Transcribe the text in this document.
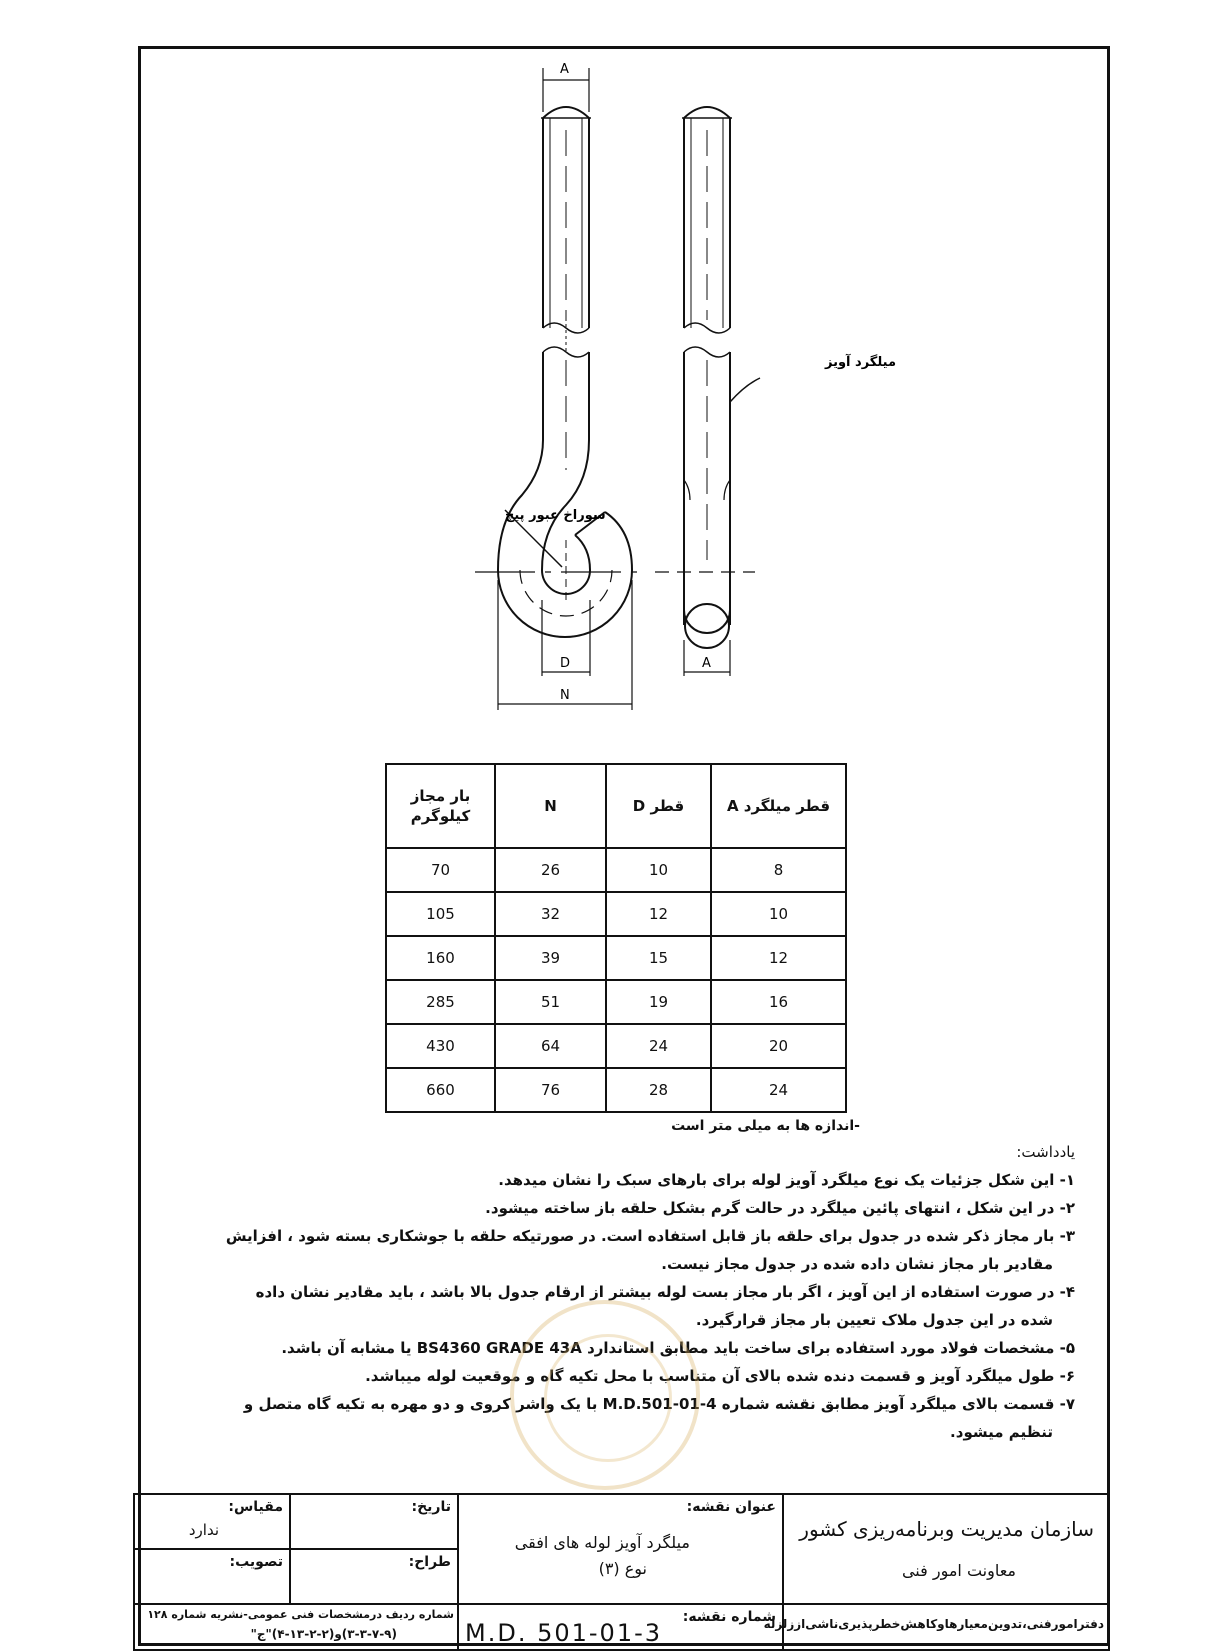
A
D
N
A
میلگرد آویز
سوراخ عبور پیچ
قطر میلگرد A	قطر D	N	بار مجاز کیلوگرم
8	10	26	70
10	12	32	105
12	15	39	160
16	19	51	285
20	24	64	430
24	28	76	660
-اندازه ها به میلی متر است
یادداشت:
۱- این شکل جزئیات یک نوع میلگرد آویز لوله برای بارهای سبک را نشان میدهد.
۲- در این شکل ، انتهای پائین میلگرد در حالت گرم بشکل حلقه باز ساخته میشود.
۳- بار مجاز ذکر شده در جدول برای حلقه باز قابل استفاده است. در صورتیکه حلقه با جوشکاری بسته شود ، افزایش
مقادیر بار مجاز نشان داده شده در جدول مجاز نیست.
۴- در صورت استفاده از این آویز ، اگر بار مجاز بست لوله بیشتر از ارقام جدول بالا باشد ، باید مقادیر نشان داده
شده در این جدول ملاک تعیین بار مجاز قرارگیرد.
۵- مشخصات فولاد مورد استفاده برای ساخت باید مطابق استاندارد BS4360 GRADE 43A یا مشابه آن باشد.
۶- طول میلگرد آویز و قسمت دنده شده بالای آن متناسب با محل تکیه گاه و موقعیت لوله میباشد.
۷- قسمت بالای میلگرد آویز مطابق نقشه شماره M.D.501-01-4 با یک واشر کروی و دو مهره به تکیه گاه متصل و
تنظیم میشود.
سازمان مدیریت وبرنامه‌ریزی کشور
معاونت امور فنی
عنوان نقشه:
میلگرد آویز لوله های افقی
نوع (۳)
تاریخ:
مقیاس:
ندارد
طراح:
تصویب:
دفترامورفنی،تدوین‌معیارهاوکاهش‌خطرپذیری‌ناشی‌اززلزله
شماره نقشه:
M.D. 501-01-3
شماره ردیف درمشخصات فنی عمومی-نشریه شماره ۱۲۸
(۳-۳-۷-۹)و(۲-۲-۱۳-۴)"ج"
